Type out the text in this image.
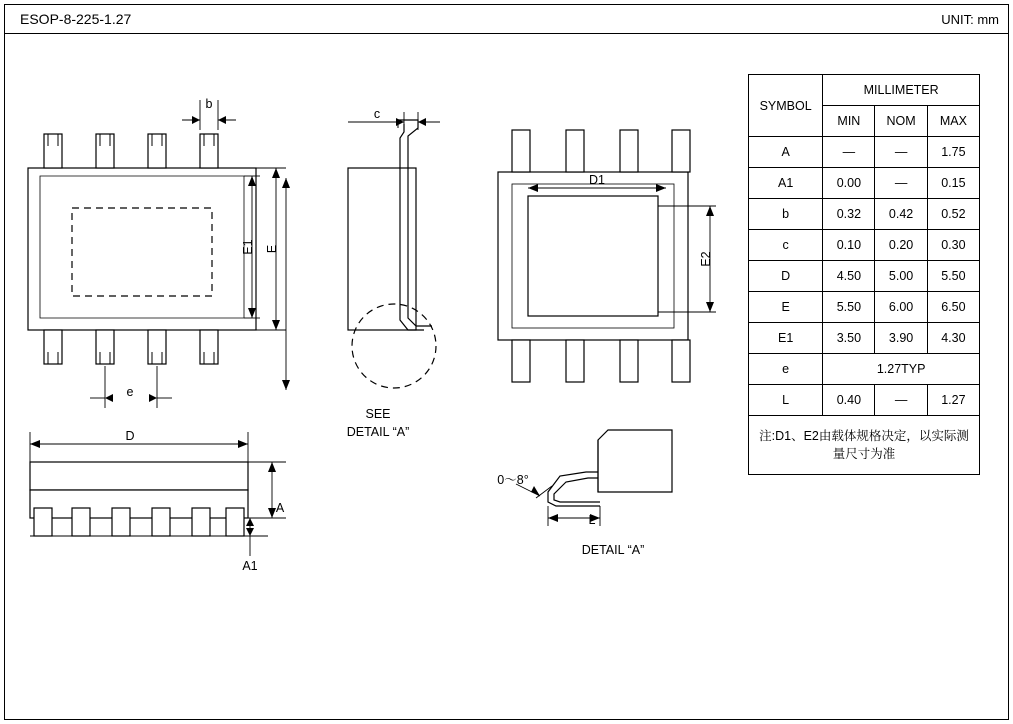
ESOP-8-225-1.27	UNIT: mm
b
c
e
E1 E
E2
D1
D
A
A1
L
0～8°
SEE
DETAIL “A”
DETAIL “A”
SYMBOL	MILLIMETER		
	MIN	NOM	MAX
A	—	—	1.75
A1	0.00	—	0.15
b	0.32	0.42	0.52
c	0.10	0.20	0.30
D	4.50	5.00	5.50
E	5.50	6.00	6.50
E1	3.50	3.90	4.30
e	1.27TYP		
L	0.40	—	1.27
注:D1、E2由载体规格决定，以实际测量尺寸为准			
